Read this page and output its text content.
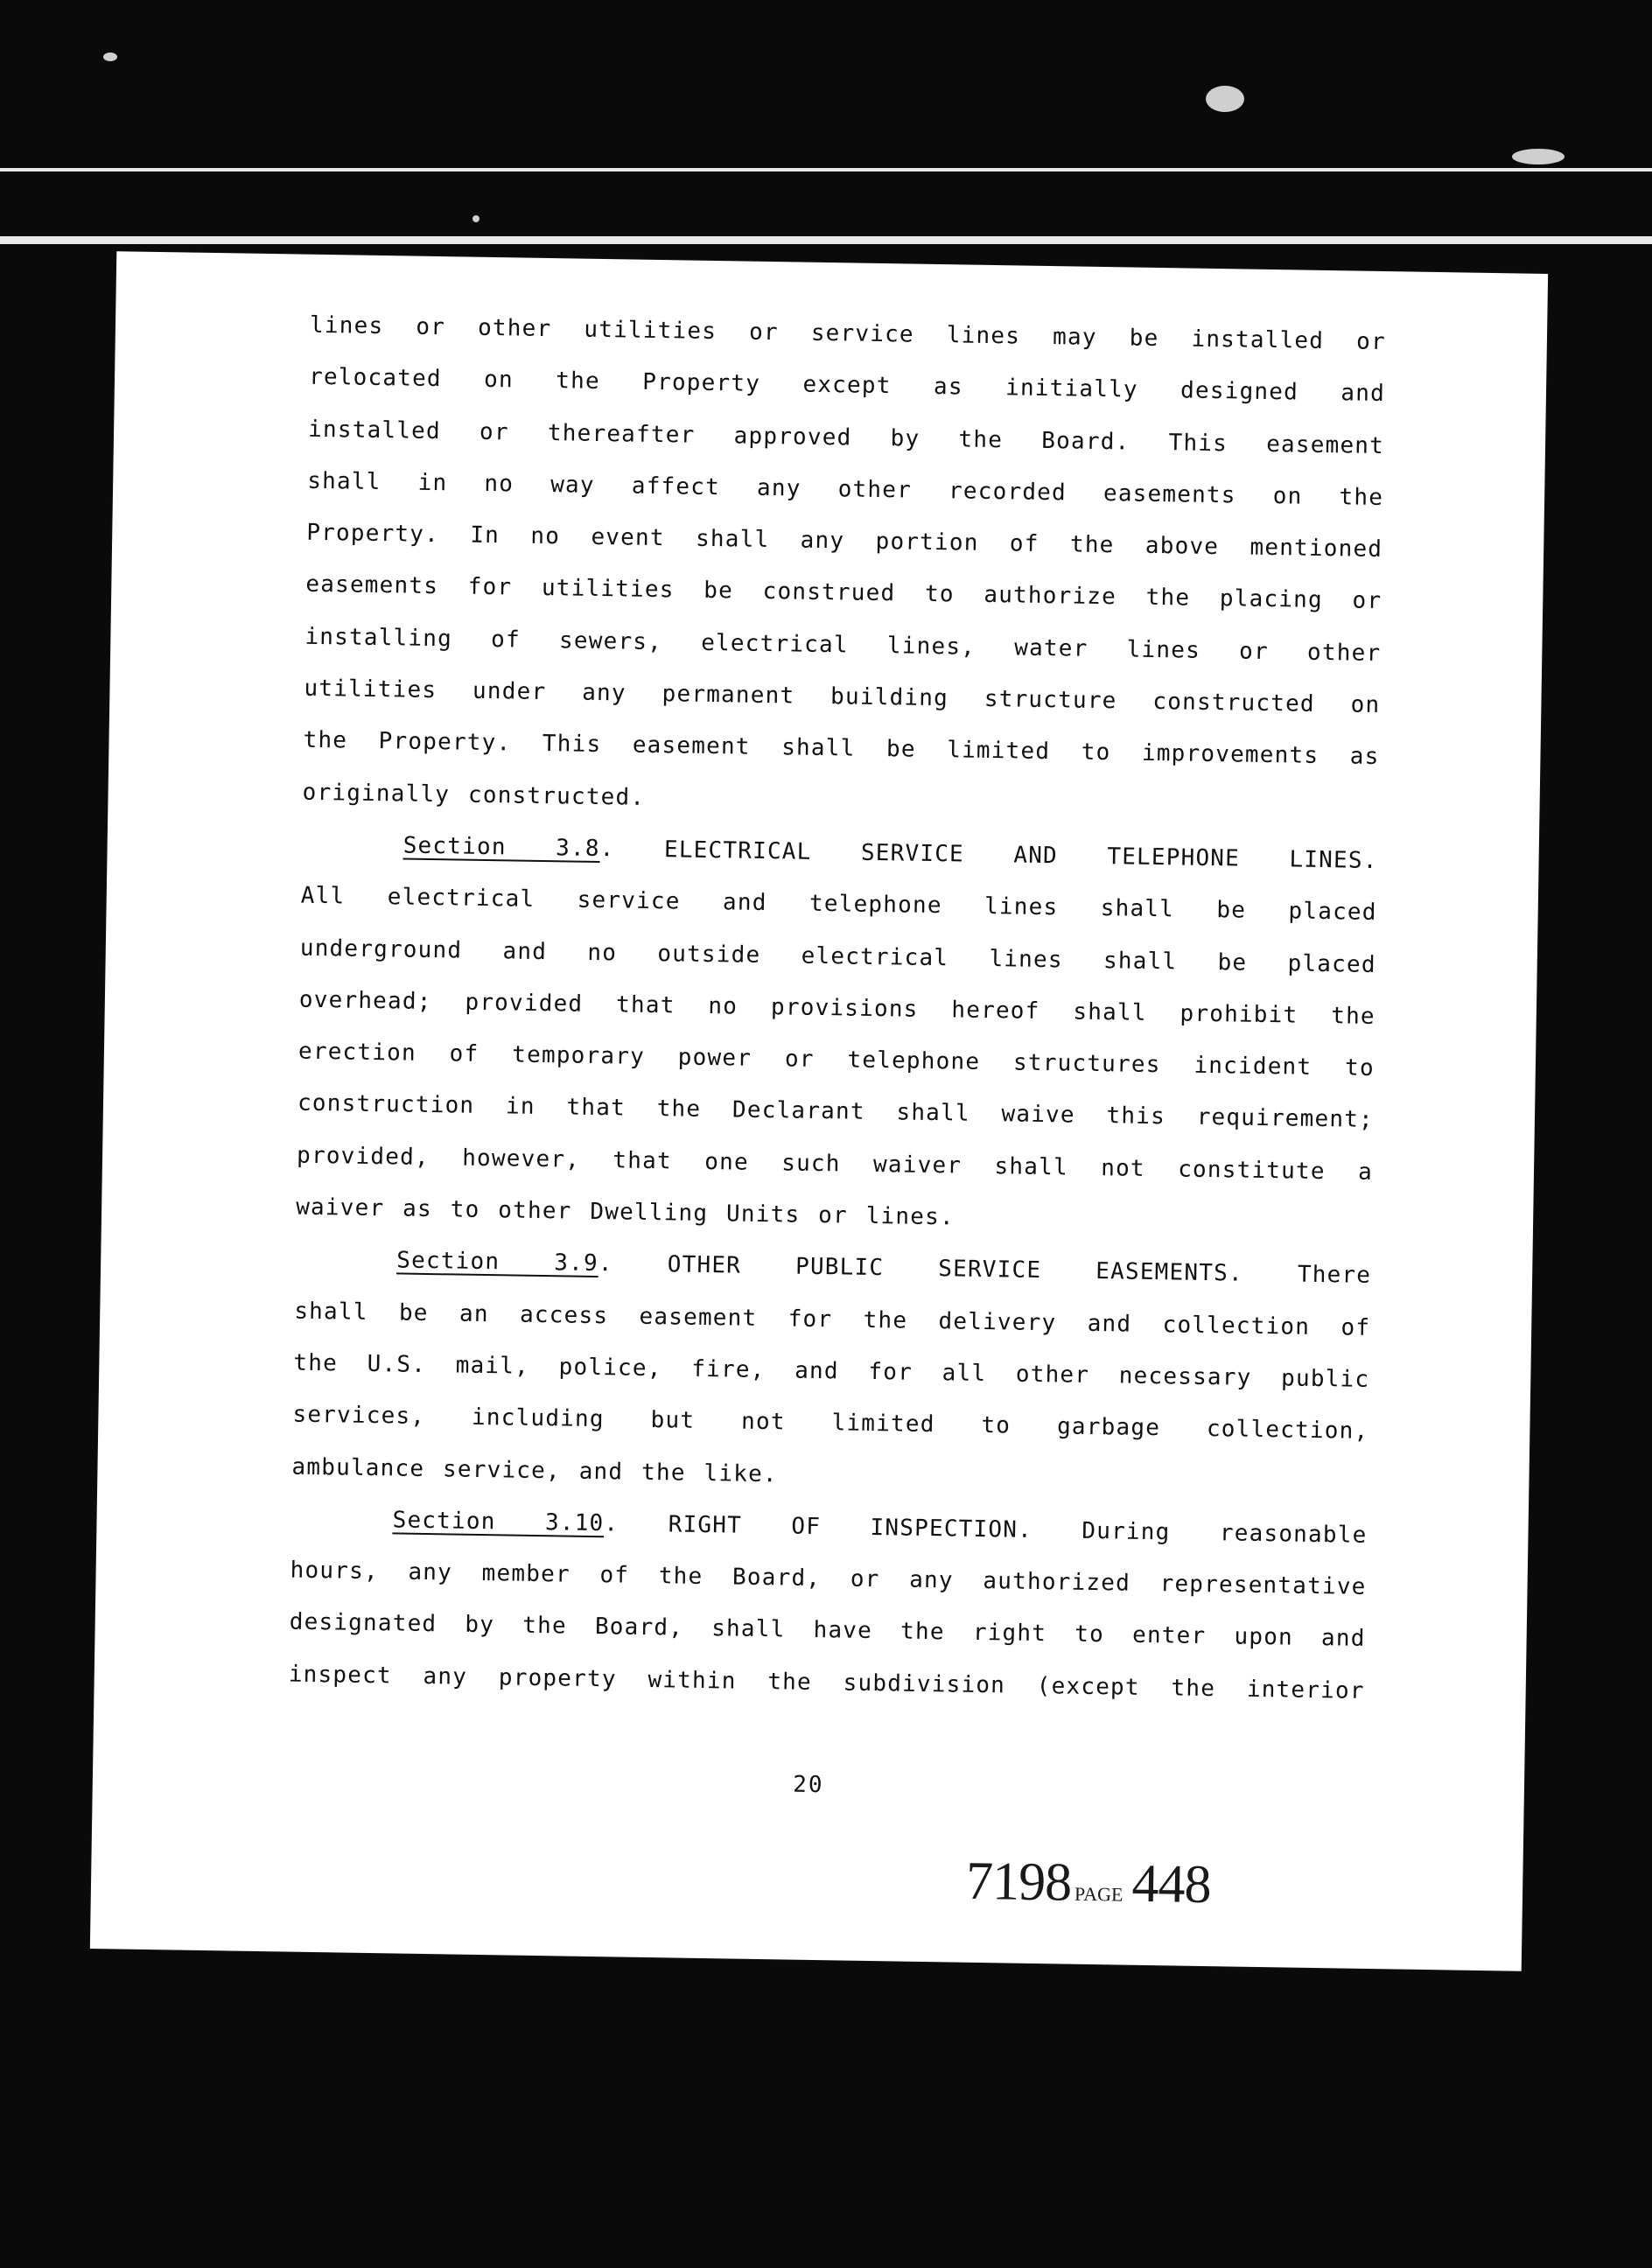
lines or other utilities or service lines may be installed or
relocated on the Property except as initially designed and
installed or thereafter approved by the Board. This easement
shall in no way affect any other recorded easements on the
Property. In no event shall any portion of the above mentioned
easements for utilities be construed to authorize the placing or
installing of sewers, electrical lines, water lines or other
utilities under any permanent building structure constructed on
the Property. This easement shall be limited to improvements as
originally constructed.
Section 3.8. ELECTRICAL SERVICE AND TELEPHONE LINES.
All electrical service and telephone lines shall be placed
underground and no outside electrical lines shall be placed
overhead; provided that no provisions hereof shall prohibit the
erection of temporary power or telephone structures incident to
construction in that the Declarant shall waive this requirement;
provided, however, that one such waiver shall not constitute a
waiver as to other Dwelling Units or lines.
Section 3.9. OTHER PUBLIC SERVICE EASEMENTS. There
shall be an access easement for the delivery and collection of
the U.S. mail, police, fire, and for all other necessary public
services, including but not limited to garbage collection,
ambulance service, and the like.
Section 3.10. RIGHT OF INSPECTION. During reasonable
hours, any member of the Board, or any authorized representative
designated by the Board, shall have the right to enter upon and
inspect any property within the subdivision (except the interior
20
7198 PAGE 448
